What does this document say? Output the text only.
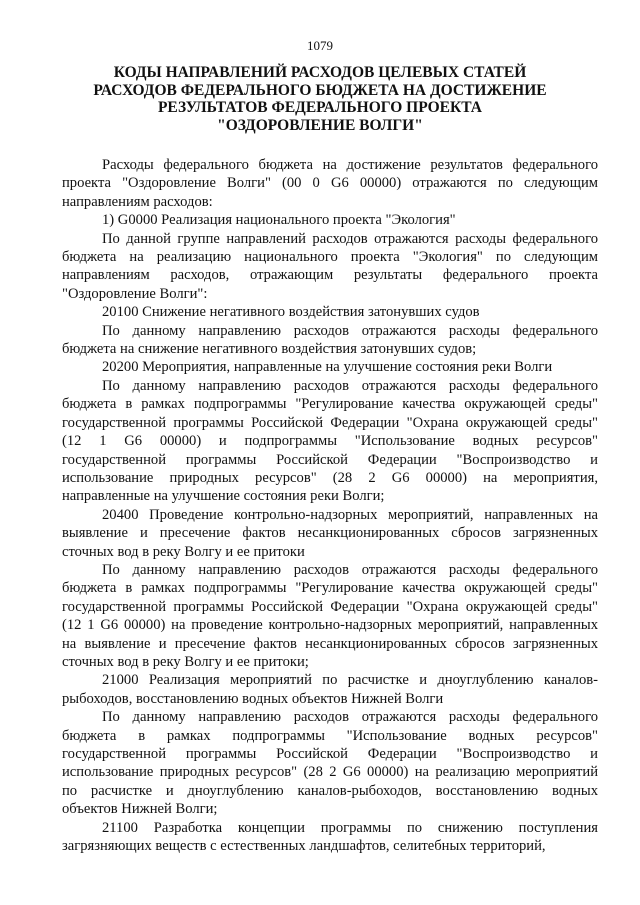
1079
КОДЫ НАПРАВЛЕНИЙ РАСХОДОВ ЦЕЛЕВЫХ СТАТЕЙ
РАСХОДОВ ФЕДЕРАЛЬНОГО БЮДЖЕТА НА ДОСТИЖЕНИЕ
РЕЗУЛЬТАТОВ ФЕДЕРАЛЬНОГО ПРОЕКТА
"ОЗДОРОВЛЕНИЕ ВОЛГИ"
Расходы федерального бюджета на достижение результатов федерального
проекта "Оздоровление Волги" (00 0 G6 00000) отражаются по следующим
направлениям расходов:
1) G0000 Реализация национального проекта "Экология"
По данной группе направлений расходов отражаются расходы федерального
бюджета на реализацию национального проекта "Экология" по следующим
направлениям расходов, отражающим результаты федерального проекта
"Оздоровление Волги":
20100 Снижение негативного воздействия затонувших судов
По данному направлению расходов отражаются расходы федерального
бюджета на снижение негативного воздействия затонувших судов;
20200 Мероприятия, направленные на улучшение состояния реки Волги
По данному направлению расходов отражаются расходы федерального
бюджета в рамках подпрограммы "Регулирование качества окружающей среды"
государственной программы Российской Федерации "Охрана окружающей среды"
(12 1 G6 00000) и подпрограммы "Использование водных ресурсов"
государственной программы Российской Федерации "Воспроизводство и
использование природных ресурсов" (28 2 G6 00000) на мероприятия,
направленные на улучшение состояния реки Волги;
20400 Проведение контрольно-надзорных мероприятий, направленных на
выявление и пресечение фактов несанкционированных сбросов загрязненных
сточных вод в реку Волгу и ее притоки
По данному направлению расходов отражаются расходы федерального
бюджета в рамках подпрограммы "Регулирование качества окружающей среды"
государственной программы Российской Федерации "Охрана окружающей среды"
(12 1 G6 00000) на проведение контрольно-надзорных мероприятий, направленных
на выявление и пресечение фактов несанкционированных сбросов загрязненных
сточных вод в реку Волгу и ее притоки;
21000 Реализация мероприятий по расчистке и дноуглублению каналов-
рыбоходов, восстановлению водных объектов Нижней Волги
По данному направлению расходов отражаются расходы федерального
бюджета в рамках подпрограммы "Использование водных ресурсов"
государственной программы Российской Федерации "Воспроизводство и
использование природных ресурсов" (28 2 G6 00000) на реализацию мероприятий
по расчистке и дноуглублению каналов-рыбоходов, восстановлению водных
объектов Нижней Волги;
21100 Разработка концепции программы по снижению поступления
загрязняющих веществ с естественных ландшафтов, селитебных территорий,
